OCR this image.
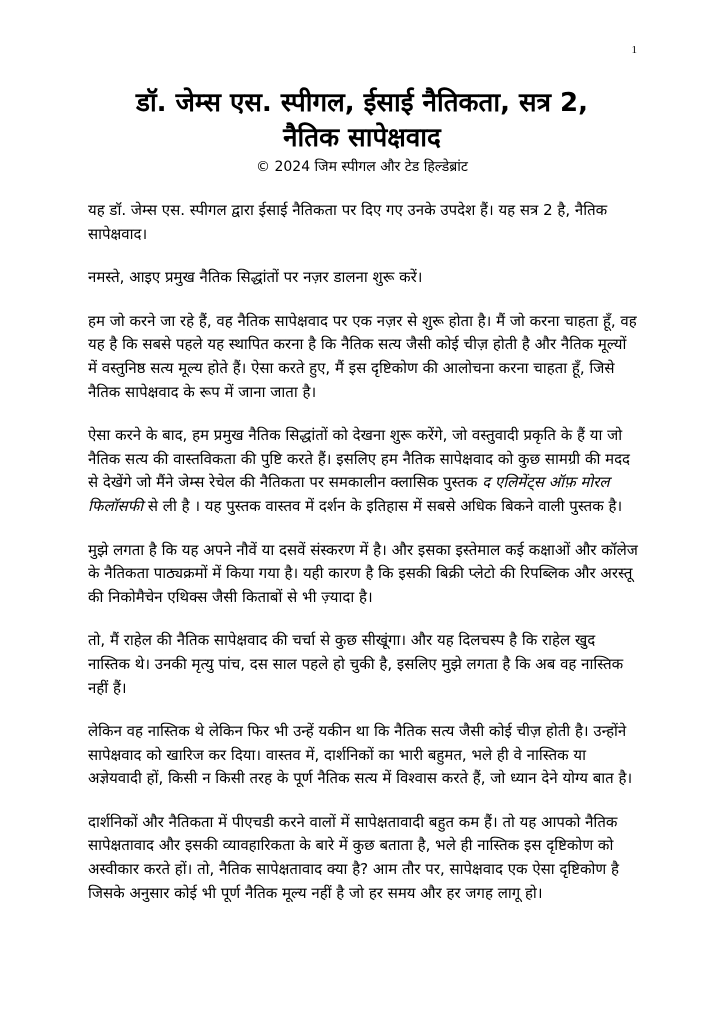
1
डॉ. जेम्स एस. स्पीगल, ईसाई नैतिकता, सत्र 2,
नैतिक सापेक्षवाद
© 2024 जिम स्पीगल और टेड हिल्डेब्रांट

यह डॉ. जेम्स एस. स्पीगल द्वारा ईसाई नैतिकता पर दिए गए उनके उपदेश हैं। यह सत्र 2 है, नैतिक सापेक्षवाद।

नमस्ते, आइए प्रमुख नैतिक सिद्धांतों पर नज़र डालना शुरू करें।

हम जो करने जा रहे हैं, वह नैतिक सापेक्षवाद पर एक नज़र से शुरू होता है। मैं जो करना चाहता हूँ, वह यह है कि सबसे पहले यह स्थापित करना है कि नैतिक सत्य जैसी कोई चीज़ होती है और नैतिक मूल्यों में वस्तुनिष्ठ सत्य मूल्य होते हैं। ऐसा करते हुए, मैं इस दृष्टिकोण की आलोचना करना चाहता हूँ, जिसे नैतिक सापेक्षवाद के रूप में जाना जाता है।

ऐसा करने के बाद, हम प्रमुख नैतिक सिद्धांतों को देखना शुरू करेंगे, जो वस्तुवादी प्रकृति के हैं या जो नैतिक सत्य की वास्तविकता की पुष्टि करते हैं। इसलिए हम नैतिक सापेक्षवाद को कुछ सामग्री की मदद से देखेंगे जो मैंने जेम्स रेचेल की नैतिकता पर समकालीन क्लासिक पुस्तक द एलिमेंट्स ऑफ़ मोरल फिलॉसफी से ली है । यह पुस्तक वास्तव में दर्शन के इतिहास में सबसे अधिक बिकने वाली पुस्तक है।

मुझे लगता है कि यह अपने नौवें या दसवें संस्करण में है। और इसका इस्तेमाल कई कक्षाओं और कॉलेज के नैतिकता पाठ्यक्रमों में किया गया है। यही कारण है कि इसकी बिक्री प्लेटो की रिपब्लिक और अरस्तू की निकोमैचेन एथिक्स जैसी किताबों से भी ज़्यादा है।

तो, मैं राहेल की नैतिक सापेक्षवाद की चर्चा से कुछ सीखूंगा। और यह दिलचस्प है कि राहेल खुद नास्तिक थे। उनकी मृत्यु पांच, दस साल पहले हो चुकी है, इसलिए मुझे लगता है कि अब वह नास्तिक नहीं हैं।

लेकिन वह नास्तिक थे लेकिन फिर भी उन्हें यकीन था कि नैतिक सत्य जैसी कोई चीज़ होती है। उन्होंने सापेक्षवाद को खारिज कर दिया। वास्तव में, दार्शनिकों का भारी बहुमत, भले ही वे नास्तिक या अज्ञेयवादी हों, किसी न किसी तरह के पूर्ण नैतिक सत्य में विश्वास करते हैं, जो ध्यान देने योग्य बात है।

दार्शनिकों और नैतिकता में पीएचडी करने वालों में सापेक्षतावादी बहुत कम हैं। तो यह आपको नैतिक सापेक्षतावाद और इसकी व्यावहारिकता के बारे में कुछ बताता है, भले ही नास्तिक इस दृष्टिकोण को अस्वीकार करते हों। तो, नैतिक सापेक्षतावाद क्या है? आम तौर पर, सापेक्षवाद एक ऐसा दृष्टिकोण है जिसके अनुसार कोई भी पूर्ण नैतिक मूल्य नहीं है जो हर समय और हर जगह लागू हो।
